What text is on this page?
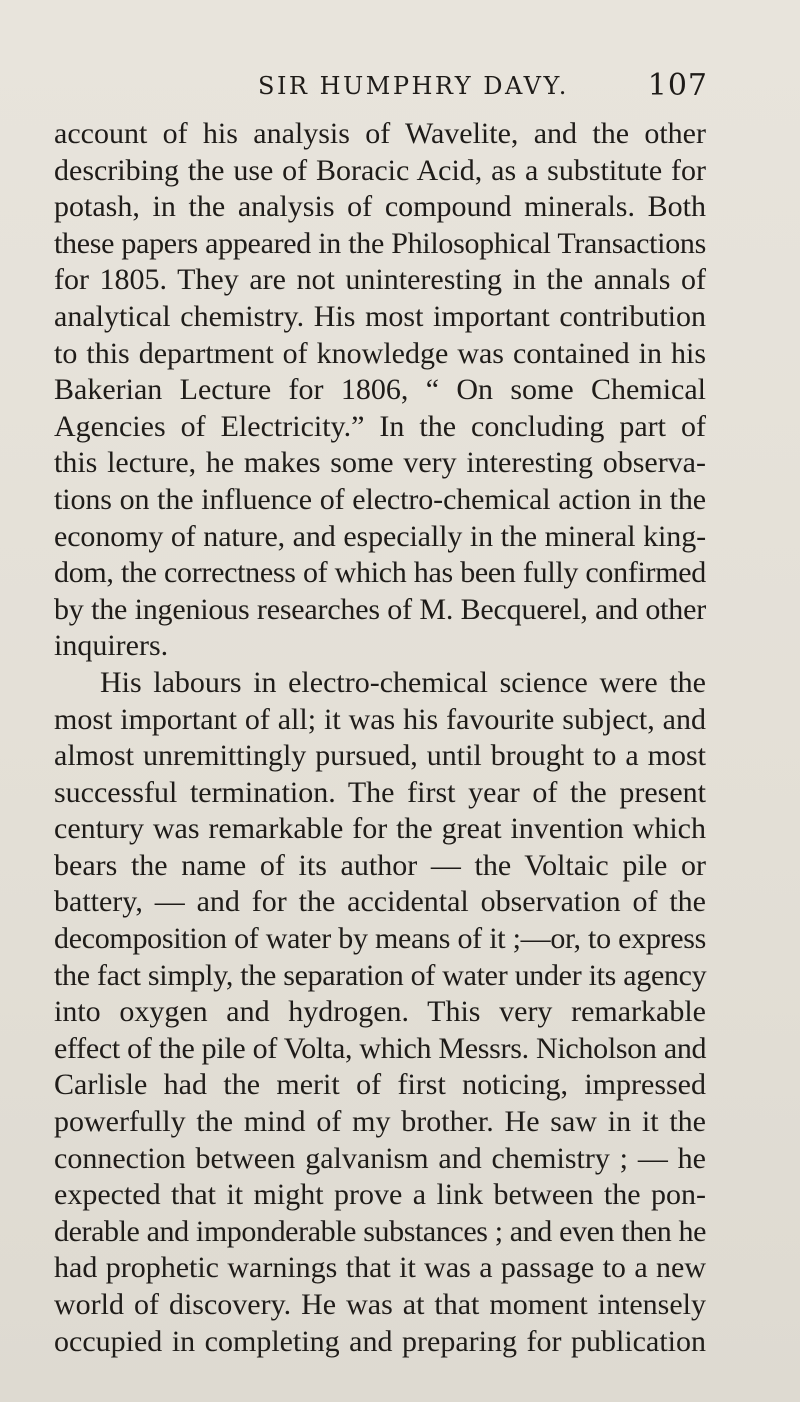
SIR HUMPHRY DAVY.	107
account of his analysis of Wavelite, and the other
describing the use of Boracic Acid, as a substitute for
potash, in the analysis of compound minerals. Both
these papers appeared in the Philosophical Transactions
for 1805. They are not uninteresting in the annals of
analytical chemistry. His most important contribution
to this department of knowledge was contained in his
Bakerian Lecture for 1806, “ On some Chemical
Agencies of Electricity.” In the concluding part of
this lecture, he makes some very interesting observa-
tions on the influence of electro-chemical action in the
economy of nature, and especially in the mineral king-
dom, the correctness of which has been fully confirmed
by the ingenious researches of M. Becquerel, and other
inquirers.
His labours in electro-chemical science were the
most important of all; it was his favourite subject, and
almost unremittingly pursued, until brought to a most
successful termination. The first year of the present
century was remarkable for the great invention which
bears the name of its author — the Voltaic pile or
battery, — and for the accidental observation of the
decomposition of water by means of it ;—or, to express
the fact simply, the separation of water under its agency
into oxygen and hydrogen. This very remarkable
effect of the pile of Volta, which Messrs. Nicholson and
Carlisle had the merit of first noticing, impressed
powerfully the mind of my brother. He saw in it the
connection between galvanism and chemistry ; — he
expected that it might prove a link between the pon-
derable and imponderable substances ; and even then he
had prophetic warnings that it was a passage to a new
world of discovery. He was at that moment intensely
occupied in completing and preparing for publication
